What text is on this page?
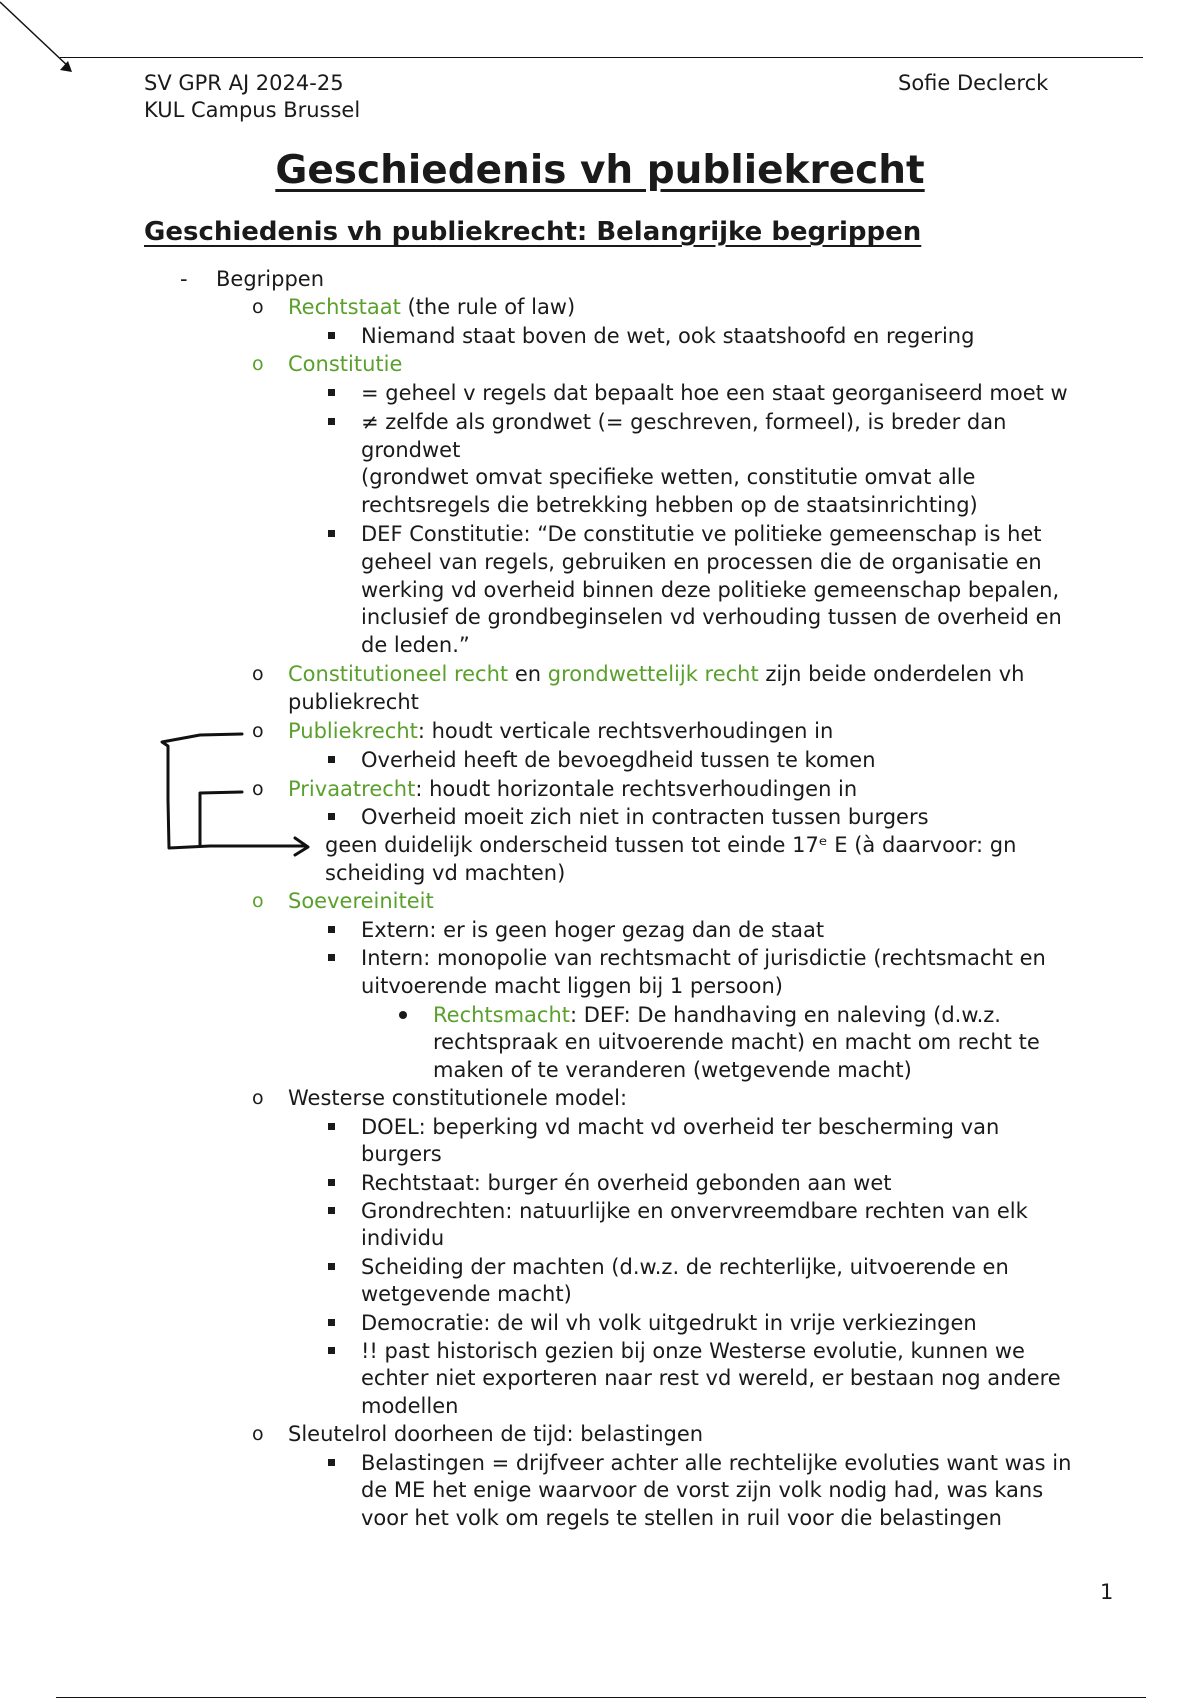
SV GPR AJ 2024-25
KUL Campus Brussel
Sofie Declerck
Geschiedenis vh publiekrecht
Geschiedenis vh publiekrecht: Belangrijke begrippen
- Begrippen
o Rechtstaat (the rule of law)
Niemand staat boven de wet, ook staatshoofd en regering
o Constitutie
= geheel v regels dat bepaalt hoe een staat georganiseerd moet w
≠ zelfde als grondwet (= geschreven, formeel), is breder dan
grondwet
(grondwet omvat specifieke wetten, constitutie omvat alle
rechtsregels die betrekking hebben op de staatsinrichting)
DEF Constitutie: “De constitutie ve politieke gemeenschap is het
geheel van regels, gebruiken en processen die de organisatie en
werking vd overheid binnen deze politieke gemeenschap bepalen,
inclusief de grondbeginselen vd verhouding tussen de overheid en
de leden.”
o Constitutioneel recht en grondwettelijk recht zijn beide onderdelen vh
publiekrecht
o Publiekrecht: houdt verticale rechtsverhoudingen in
Overheid heeft de bevoegdheid tussen te komen
o Privaatrecht: houdt horizontale rechtsverhoudingen in
Overheid moeit zich niet in contracten tussen burgers
geen duidelijk onderscheid tussen tot einde 17ᵉ E (à daarvoor: gn
scheiding vd machten)
o Soevereiniteit
Extern: er is geen hoger gezag dan de staat
Intern: monopolie van rechtsmacht of jurisdictie (rechtsmacht en
uitvoerende macht liggen bij 1 persoon)
Rechtsmacht: DEF: De handhaving en naleving (d.w.z.
rechtspraak en uitvoerende macht) en macht om recht te
maken of te veranderen (wetgevende macht)
o Westerse constitutionele model:
DOEL: beperking vd macht vd overheid ter bescherming van
burgers
Rechtstaat: burger én overheid gebonden aan wet
Grondrechten: natuurlijke en onvervreemdbare rechten van elk
individu
Scheiding der machten (d.w.z. de rechterlijke, uitvoerende en
wetgevende macht)
Democratie: de wil vh volk uitgedrukt in vrije verkiezingen
!! past historisch gezien bij onze Westerse evolutie, kunnen we
echter niet exporteren naar rest vd wereld, er bestaan nog andere
modellen
o Sleutelrol doorheen de tijd: belastingen
Belastingen = drijfveer achter alle rechtelijke evoluties want was in
de ME het enige waarvoor de vorst zijn volk nodig had, was kans
voor het volk om regels te stellen in ruil voor die belastingen
1
